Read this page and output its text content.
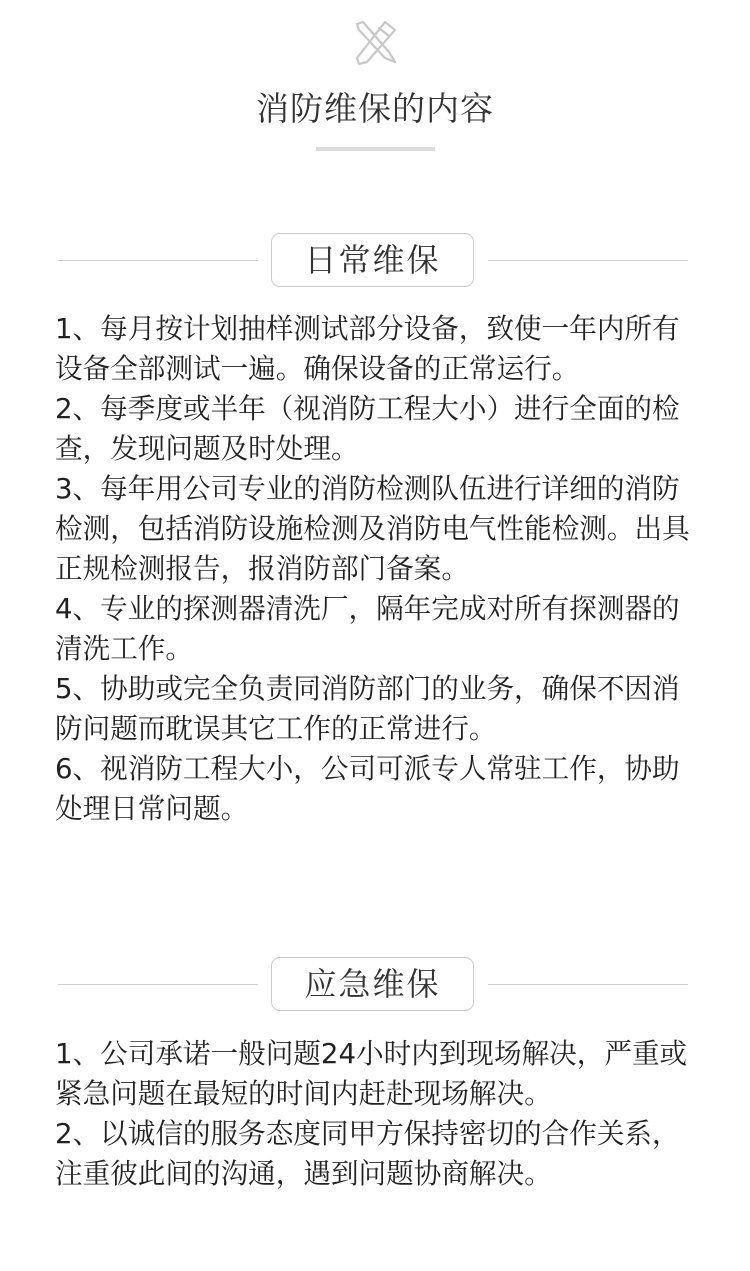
消防维保的内容
日常维保

1、每月按计划抽样测试部分设备，致使一年内所有设备全部测试一遍。确保设备的正常运行。

2、每季度或半年（视消防工程大小）进行全面的检查，发现问题及时处理。

3、每年用公司专业的消防检测队伍进行详细的消防检测，包括消防设施检测及消防电气性能检测。出具正规检测报告，报消防部门备案。

4、专业的探测器清洗厂，隔年完成对所有探测器的清洗工作。

5、协助或完全负责同消防部门的业务，确保不因消防问题而耽误其它工作的正常进行。

6、视消防工程大小，公司可派专人常驻工作，协助处理日常问题。

应急维保

1、公司承诺一般问题24小时内到现场解决，严重或紧急问题在最短的时间内赶赴现场解决。

2、以诚信的服务态度同甲方保持密切的合作关系，注重彼此间的沟通，遇到问题协商解决。
